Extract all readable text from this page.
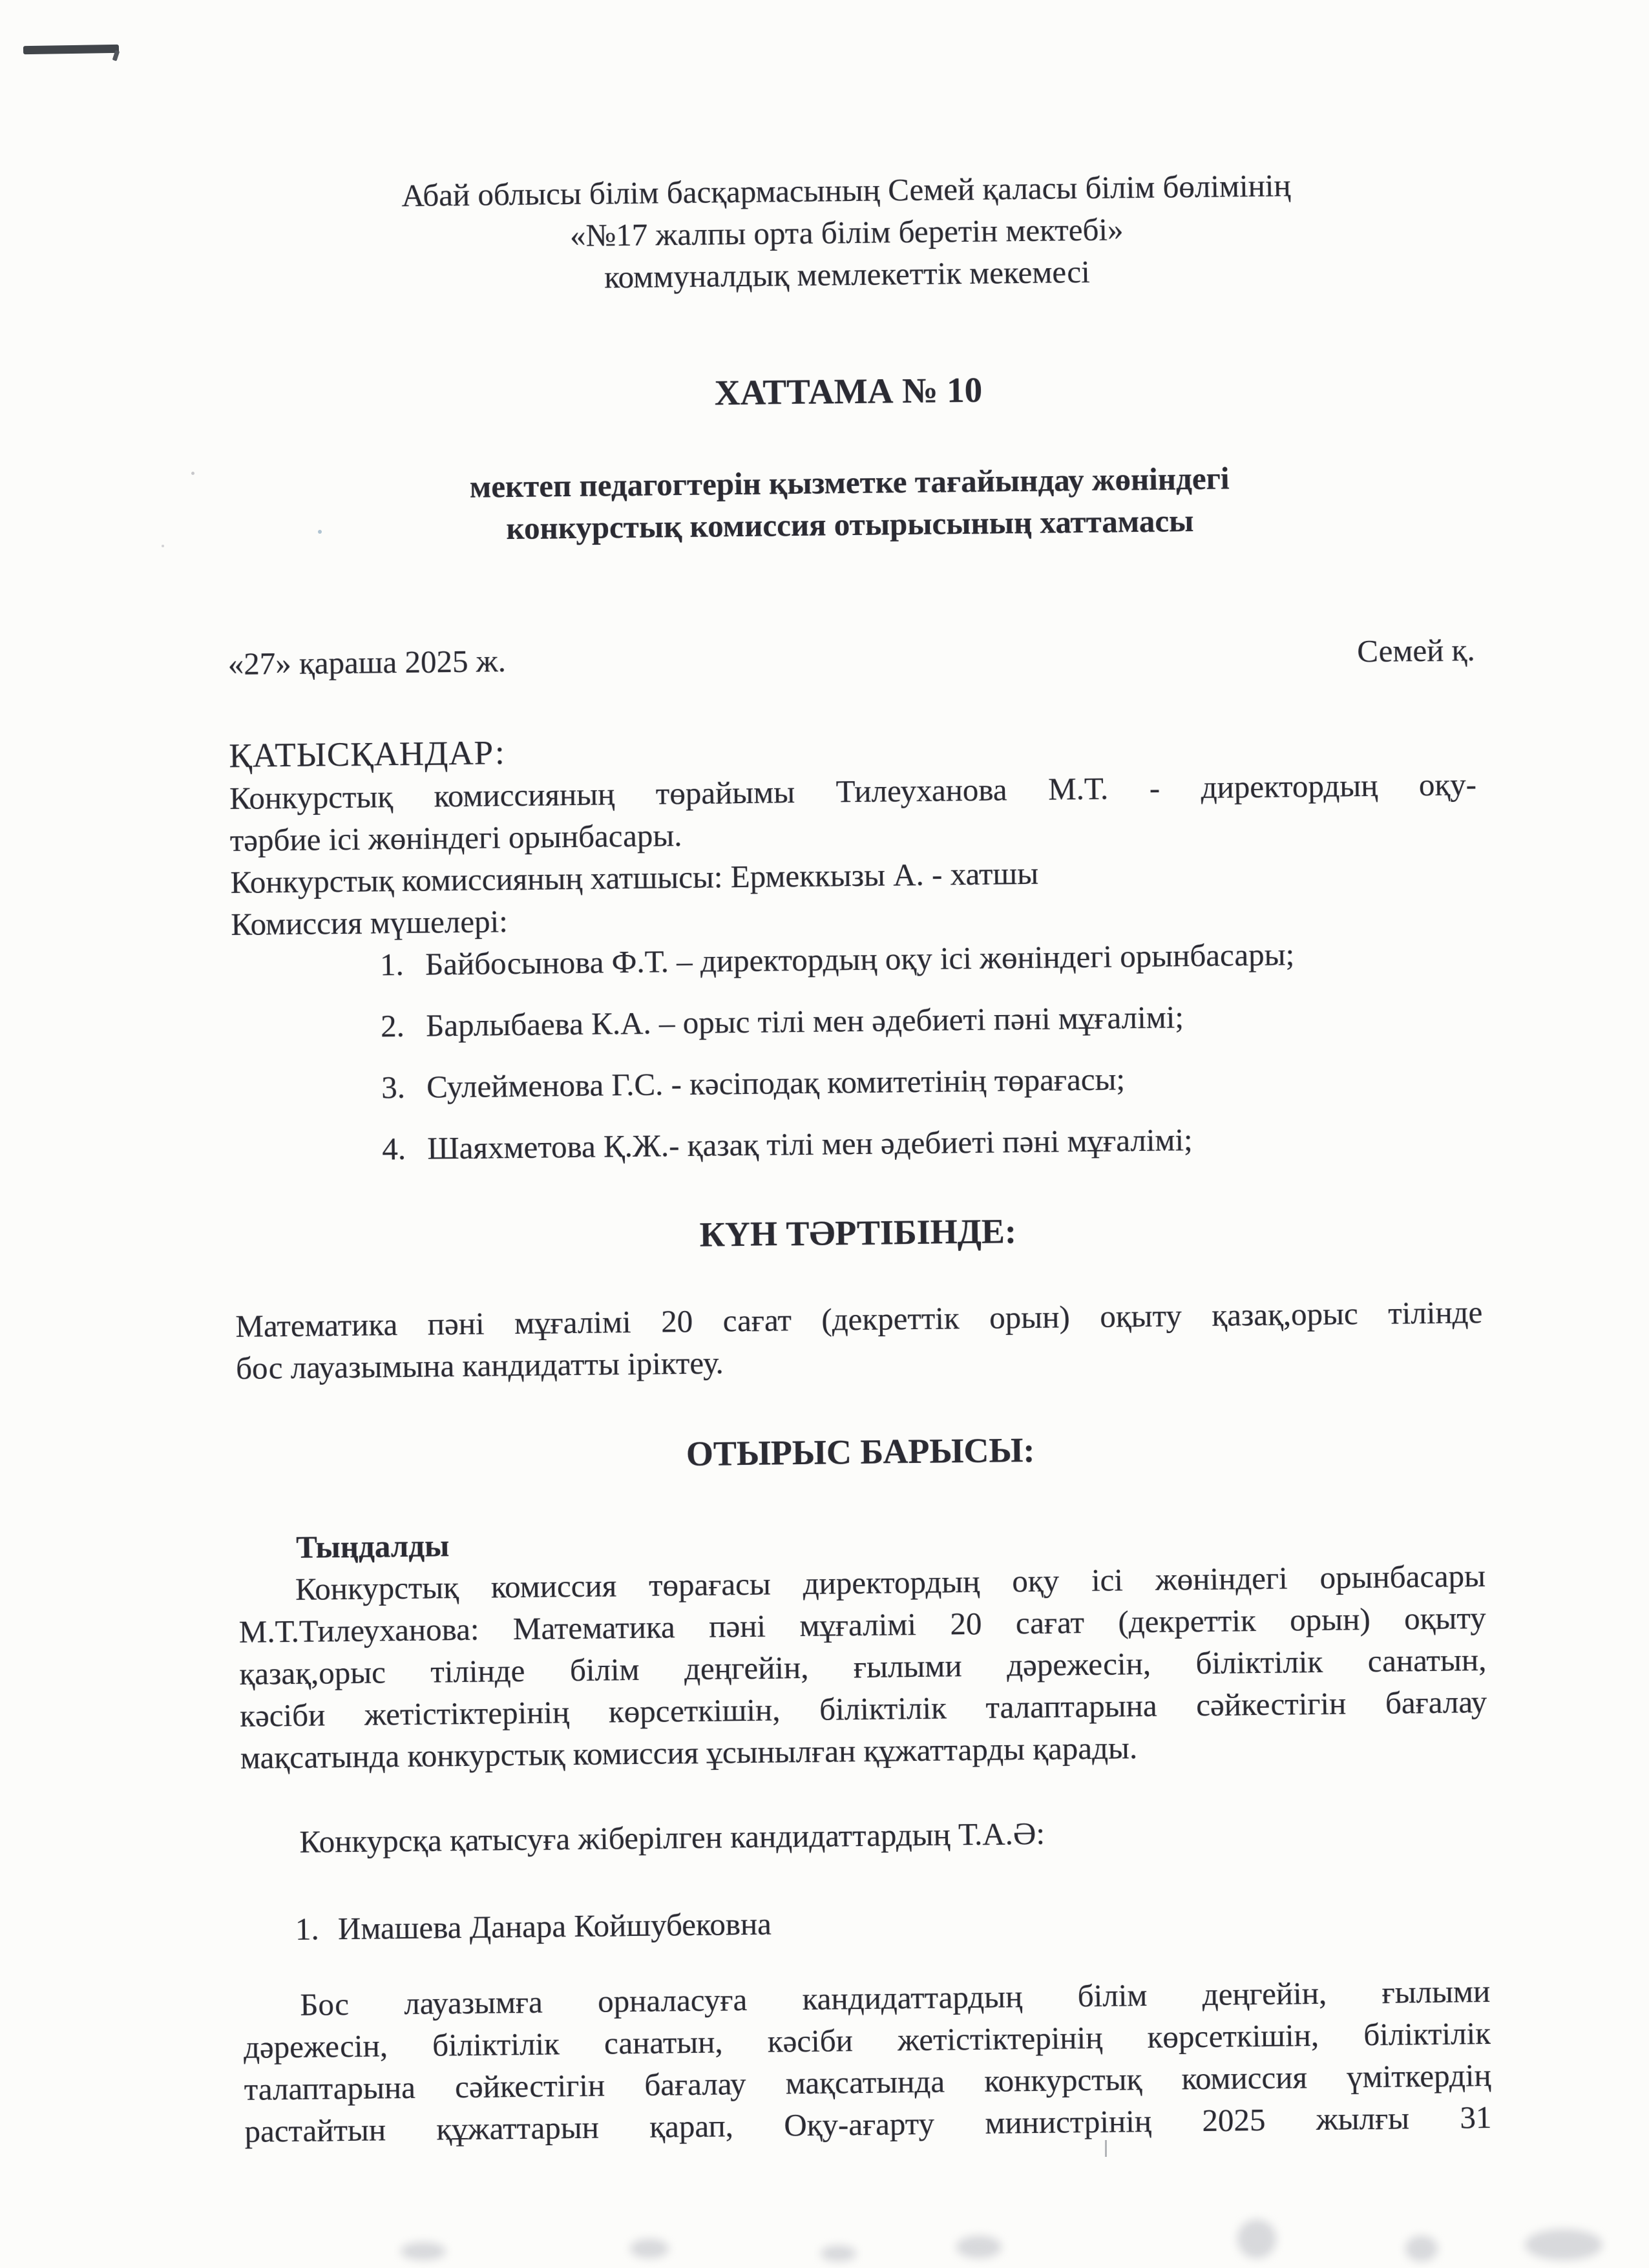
Абай облысы білім басқармасының Семей қаласы білім бөлімінің
«№17 жалпы орта білім беретін мектебі»
коммуналдық мемлекеттік мекемесі
ХАТТАМА № 10
мектеп педагогтерін қызметке тағайындау жөніндегі
конкурстық комиссия отырысының хаттамасы
«27» қараша 2025 ж.	Семей қ.
ҚАТЫСҚАНДАР:
Конкурстық комиссияның төрайымы Тилеуханова М.Т. - директордың оқу-
тәрбие ісі жөніндегі орынбасары.
Конкурстық комиссияның хатшысы: Ермеккызы А. - хатшы
Комиссия мүшелері:
1. Байбосынова Ф.Т. – директордың оқу ісі жөніндегі орынбасары;
2. Барлыбаева К.А. – орыс тілі мен әдебиеті пәні мұғалімі;
3. Сулейменова Г.С. - кәсіподақ комитетінің төрағасы;
4. Шаяхметова Қ.Ж.- қазақ тілі мен әдебиеті пәні мұғалімі;
КҮН ТӘРТІБІНДЕ:
Математика пәні мұғалімі 20 сағат (декреттік орын) оқыту қазақ,орыс тілінде
бос лауазымына кандидатты іріктеу.
ОТЫРЫС БАРЫСЫ:
Тыңдалды
Конкурстық комиссия төрағасы директордың оқу ісі жөніндегі орынбасары
М.Т.Тилеуханова: Математика пәні мұғалімі 20 сағат (декреттік орын) оқыту
қазақ,орыс тілінде білім деңгейін, ғылыми дәрежесін, біліктілік санатын,
кәсіби жетістіктерінің көрсеткішін, біліктілік талаптарына сәйкестігін бағалау
мақсатында конкурстық комиссия ұсынылған құжаттарды қарады.
Конкурсқа қатысуға жіберілген кандидаттардың Т.А.Ә:
1. Имашева Данара Койшубековна
Бос лауазымға орналасуға кандидаттардың білім деңгейін, ғылыми
дәрежесін, біліктілік санатын, кәсіби жетістіктерінің көрсеткішін, біліктілік
талаптарына сәйкестігін бағалау мақсатында конкурстық комиссия үміткердің
растайтын құжаттарын қарап, Оқу-ағарту министрінің 2025 жылғы 31
